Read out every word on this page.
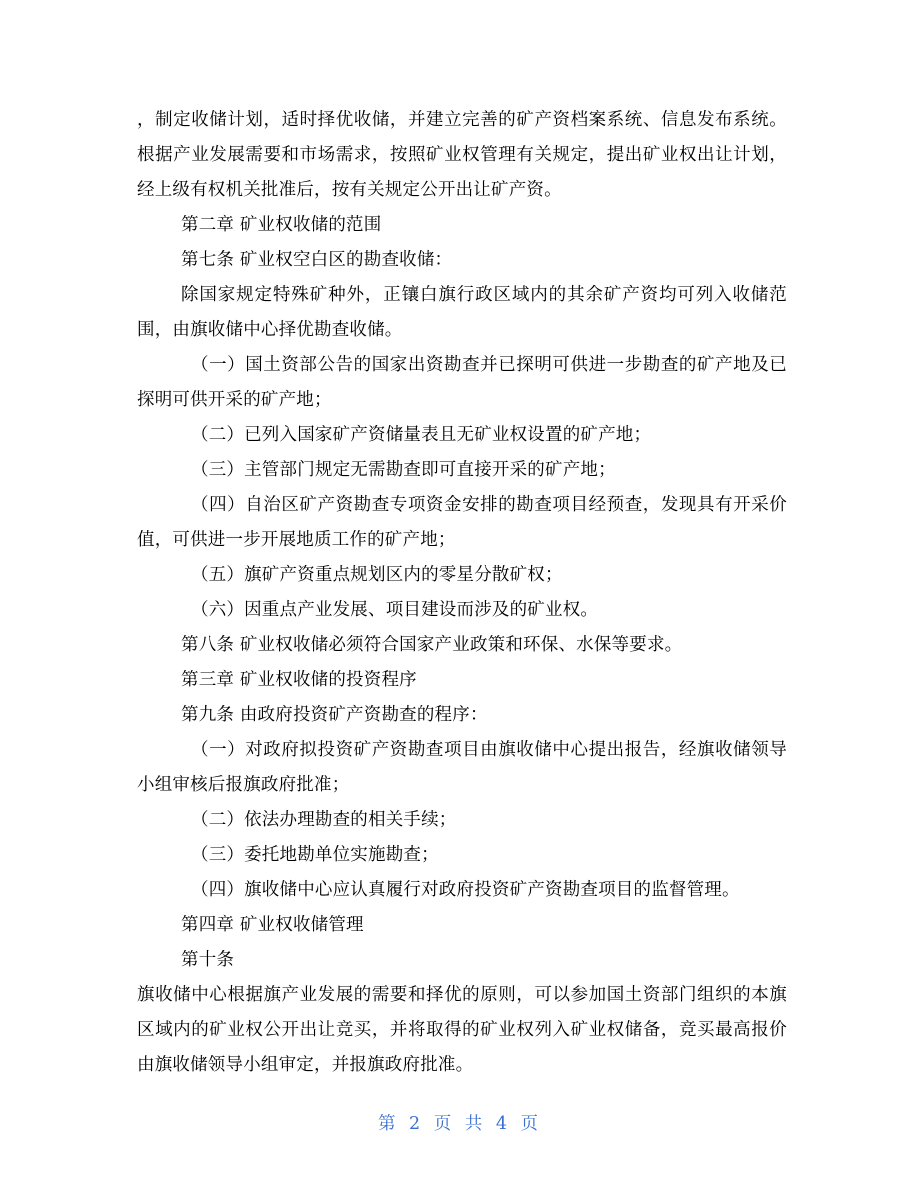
，制定收储计划，适时择优收储，并建立完善的矿产资档案系统、信息发布系统。根据产业发展需要和市场需求，按照矿业权管理有关规定，提出矿业权出让计划，经上级有权机关批准后，按有关规定公开出让矿产资。

第二章 矿业权收储的范围

第七条 矿业权空白区的勘查收储：

除国家规定特殊矿种外，正镶白旗行政区域内的其余矿产资均可列入收储范围，由旗收储中心择优勘查收储。

（一）国土资部公告的国家出资勘查并已探明可供进一步勘查的矿产地及已探明可供开采的矿产地；

（二）已列入国家矿产资储量表且无矿业权设置的矿产地；

（三）主管部门规定无需勘查即可直接开采的矿产地；

（四）自治区矿产资勘查专项资金安排的勘查项目经预查，发现具有开采价值，可供进一步开展地质工作的矿产地；

（五）旗矿产资重点规划区内的零星分散矿权；

（六）因重点产业发展、项目建设而涉及的矿业权。

第八条 矿业权收储必须符合国家产业政策和环保、水保等要求。

第三章 矿业权收储的投资程序

第九条 由政府投资矿产资勘查的程序：

（一）对政府拟投资矿产资勘查项目由旗收储中心提出报告，经旗收储领导小组审核后报旗政府批准；

（二）依法办理勘查的相关手续；

（三）委托地勘单位实施勘查；

（四）旗收储中心应认真履行对政府投资矿产资勘查项目的监督管理。

第四章 矿业权收储管理

第十条

旗收储中心根据旗产业发展的需要和择优的原则，可以参加国土资部门组织的本旗区域内的矿业权公开出让竞买，并将取得的矿业权列入矿业权储备，竞买最高报价由旗收储领导小组审定，并报旗政府批准。

第 2 页 共 4 页
